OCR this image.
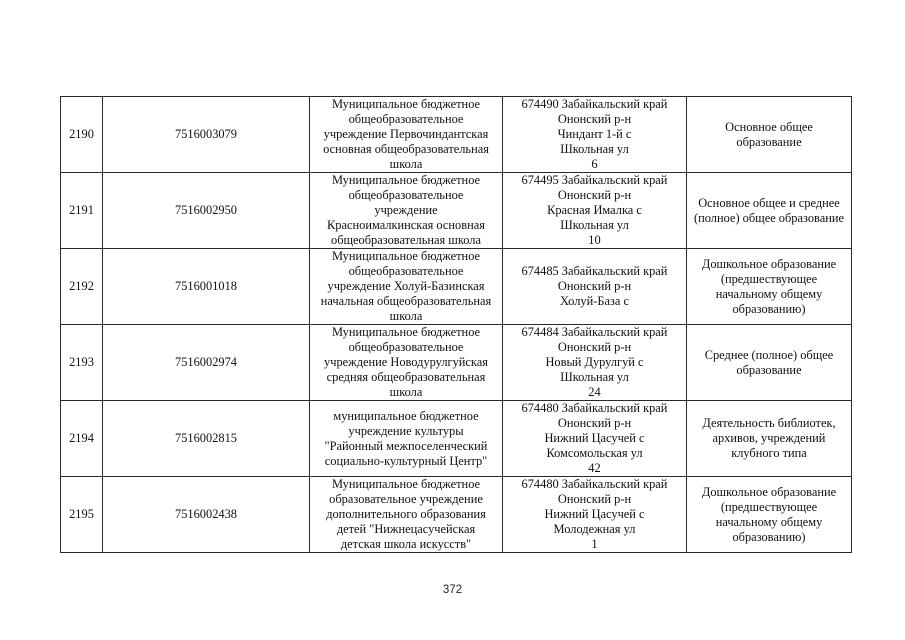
2190	7516003079	Муниципальное бюджетное
общеобразовательное
учреждение Первочиндантская
основная общеобразовательная
школа	674490 Забайкальский край
Ононский р-н
Чиндант 1-й с
Школьная ул
6	Основное общее
образование

2191	7516002950	Муниципальное бюджетное
общеобразовательное
учреждение
Красноималкинская основная
общеобразовательная школа	674495 Забайкальский край
Ононский р-н
Красная Ималка с
Школьная ул
10	Основное общее и среднее
(полное) общее образование

2192	7516001018	Муниципальное бюджетное
общеобразовательное
учреждение Холуй-Базинская
начальная общеобразовательная
школа	674485 Забайкальский край
Ононский р-н
Холуй-База с	Дошкольное образование
(предшествующее
начальному общему
образованию)

2193	7516002974	Муниципальное бюджетное
общеобразовательное
учреждение Новодурулгуйская
средняя общеобразовательная
школа	674484 Забайкальский край
Ононский р-н
Новый Дурулгуй с
Школьная ул
24	Среднее (полное) общее
образование

2194	7516002815	муниципальное бюджетное
учреждение культуры
"Районный межпоселенческий
социально-культурный Центр"	674480 Забайкальский край
Ононский р-н
Нижний Цасучей с
Комсомольская ул
42	Деятельность библиотек,
архивов, учреждений
клубного типа

2195	7516002438	Муниципальное бюджетное
образовательное учреждение
дополнительного образования
детей "Нижнецасучейская
детская школа искусств"	674480 Забайкальский край
Ононский р-н
Нижний Цасучей с
Молодежная ул
1	Дошкольное образование
(предшествующее
начальному общему
образованию)
372
